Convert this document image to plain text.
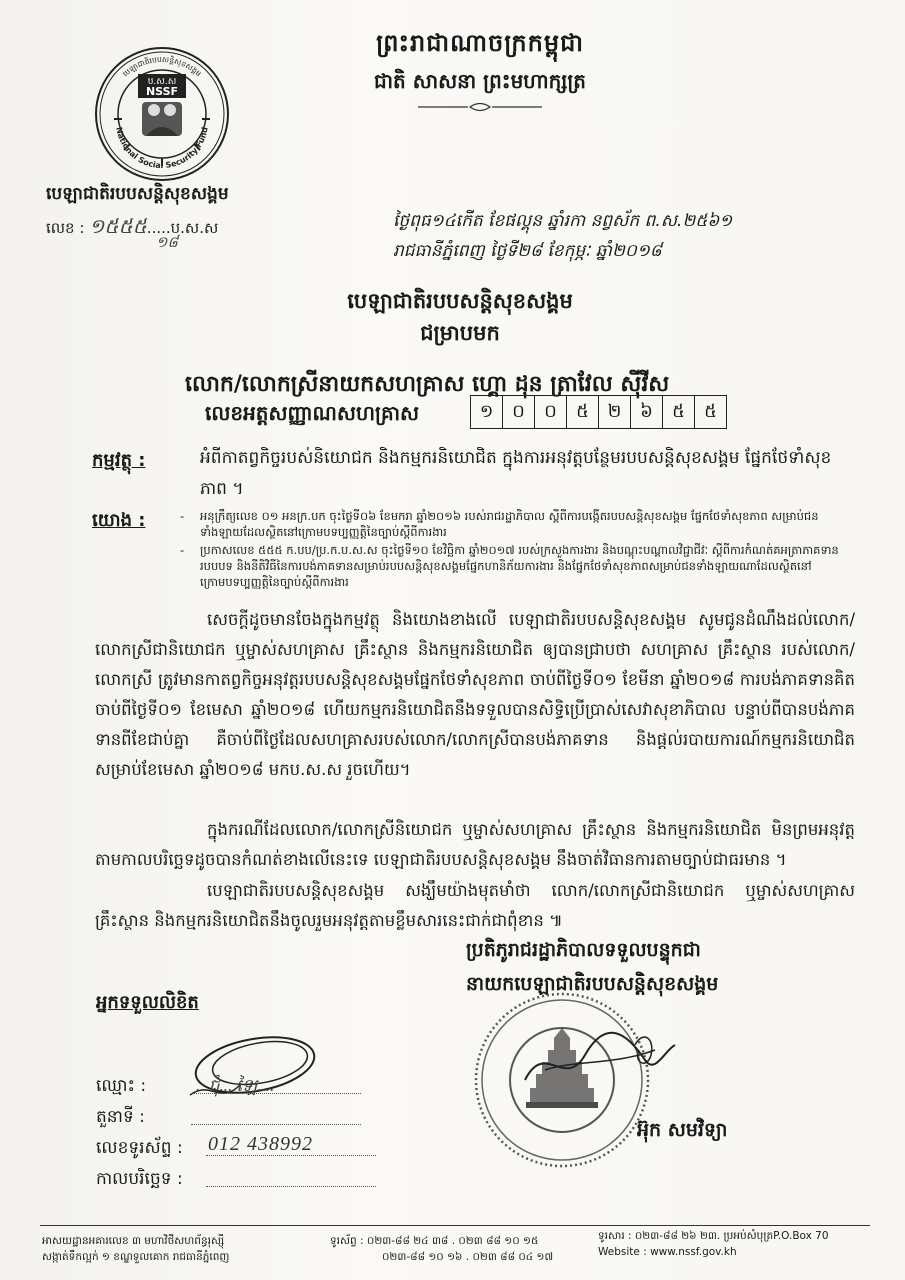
ព្រះរាជាណាចក្រកម្ពុជា
ជាតិ សាសនា ព្រះមហាក្សត្រ
ប.ស.ស
NSSF
បេឡាជាតិរបបសន្តិសុខសង្គម
National Social Security Fund
បេឡាជាតិរបបសន្តិសុខសង្គម
លេខ : ១៥៥៥.....ប.ស.ស
១៨
ថ្ងៃពុធ១៤កើត ខែផល្គុន ឆ្នាំរកា នព្វស័ក ព.ស.២៥៦១
រាជធានីភ្នំពេញ ថ្ងៃទី២៨ ខែកុម្ភៈ ឆ្នាំ២០១៨
បេឡាជាតិរបបសន្តិសុខសង្គម
ជម្រាបមក
លោក/លោកស្រីនាយកសហគ្រាស ហ្គោ ដុន ត្រាវែល ស៊ីវីស
លេខអត្តសញ្ញាណសហគ្រាស	១	០	០	៥	២	៦	៥	៥
កម្មវត្ថុ :	អំពីកាតព្វកិច្ចរបស់និយោជក និងកម្មករនិយោជិត ក្នុងការអនុវត្តបន្ថែមរបបសន្តិសុខសង្គម ផ្នែកថែទាំសុខភាព ។
យោង :	-	អនុក្រឹត្យលេខ ០១ អនក្រ.បក ចុះថ្ងៃទី០៦ ខែមករា ឆ្នាំ២០១៦ របស់រាជរដ្ឋាភិបាល ស្តីពីការបង្កើតរបបសន្តិសុខសង្គម ផ្នែកថែទាំសុខភាព សម្រាប់ជនទាំងឡាយដែលស្ថិតនៅក្រោមបទប្បញ្ញត្តិនៃច្បាប់ស្តីពីការងារ
-	ប្រកាសលេខ ៥៥៥ ក.បប/ប្រ.ក.ប.ស.ស ចុះថ្ងៃទី១០ ខែវិច្ឆិកា ឆ្នាំ២០១៧ របស់ក្រសួងការងារ និងបណ្តុះបណ្តាលវិជ្ជាជីវៈ ស្តីពីការកំណត់គអត្រាភាគទាន របបបទ និងនីតិវិធីនៃការបង់ភាគទានសម្រាប់របបសន្តិសុខសង្គមផ្នែកហានិភ័យការងារ និងផ្នែកថែទាំសុខភាពសម្រាប់ជនទាំងឡាយណាដែលស្ថិតនៅក្រោមបទប្បញ្ញត្តិនៃច្បាប់ស្តីពីការងារ
សេចក្តីដូចមានចែងក្នុងកម្មវត្ថុ និងយោងខាងលើ បេឡាជាតិរបបសន្តិសុខសង្គម សូមជូនដំណឹងដល់លោក/លោកស្រីជានិយោជក ឬម្ចាស់សហគ្រាស គ្រឹះស្ថាន និងកម្មករនិយោជិត ឲ្យបានជ្រាបថា សហគ្រាស គ្រឹះស្ថាន របស់លោក/លោកស្រី ត្រូវមានកាតព្វកិច្ចអនុវត្តរបបសន្តិសុខសង្គមផ្នែកថែទាំសុខភាព ចាប់ពីថ្ងៃទី០១ ខែមីនា ឆ្នាំ២០១៨ ការបង់ភាគទានគិតចាប់ពីថ្ងៃទី០១ ខែមេសា ឆ្នាំ២០១៨ ហើយកម្មករនិយោជិតនឹងទទួលបានសិទ្ធិប្រើប្រាស់សេវាសុខាភិបាល បន្ទាប់ពីបានបង់ភាគទានពីខែជាប់គ្នា គឺចាប់ពីថ្ងៃដែលសហគ្រាសរបស់លោក/លោកស្រីបានបង់ភាគទាន និងផ្តល់របាយការណ៍កម្មករនិយោជិតសម្រាប់ខែមេសា ឆ្នាំ២០១៨ មកប.ស.ស រួចហើយ។
ក្នុងករណីដែលលោក/លោកស្រីនិយោជក ឬម្ចាស់សហគ្រាស គ្រឹះស្ថាន និងកម្មករនិយោជិត មិនព្រមអនុវត្តតាមកាលបរិច្ឆេទដូចបានកំណត់ខាងលើនេះទេ បេឡាជាតិរបបសន្តិសុខសង្គម នឹងចាត់វិធានការតាមច្បាប់ជាធរមាន ។
បេឡាជាតិរបបសន្តិសុខសង្គម សង្ឃឹមយ៉ាងមុតមាំថា លោក/លោកស្រីជានិយោជក ឬម្ចាស់សហគ្រាស គ្រឹះស្ថាន និងកម្មករនិយោជិតនឹងចូលរួមអនុវត្តតាមខ្លឹមសារនេះជាក់ជាពុំខាន ៕
ប្រតិភូរាជរដ្ឋាភិបាលទទួលបន្ទុកជា
នាយកបេឡាជាតិរបបសន្តិសុខសង្គម
អ៊ុក សមវិទ្យា
អ្នកទទួលលិខិត
ឈ្មោះ :	...ជុំ....ឡៃ....
តួនាទី :
លេខទូរស័ព្ទ : 012 438992
កាលបរិច្ឆេទ :
អាសយដ្ឋានអគារលេខ ៣ មហាវិថីសហព័ន្ធរុស្ស៊ី
សង្កាត់ទឹកល្អក់ ១ ខណ្ឌទួលគោក រាជធានីភ្នំពេញ
ទូរស័ព្ទ : ០២៣-៨៨ ២៤ ៣៨ . ០២៣ ៨៨ ១០ ១៥
០២៣-៨៨ ១០ ១៦ . ០២៣ ៨៨ ០៤ ១៧
ទូរសារ : ០២៣-៨៨ ២៦ ២៣. ប្រអប់សំបុត្រP.O.Box 70
Website : www.nssf.gov.kh
